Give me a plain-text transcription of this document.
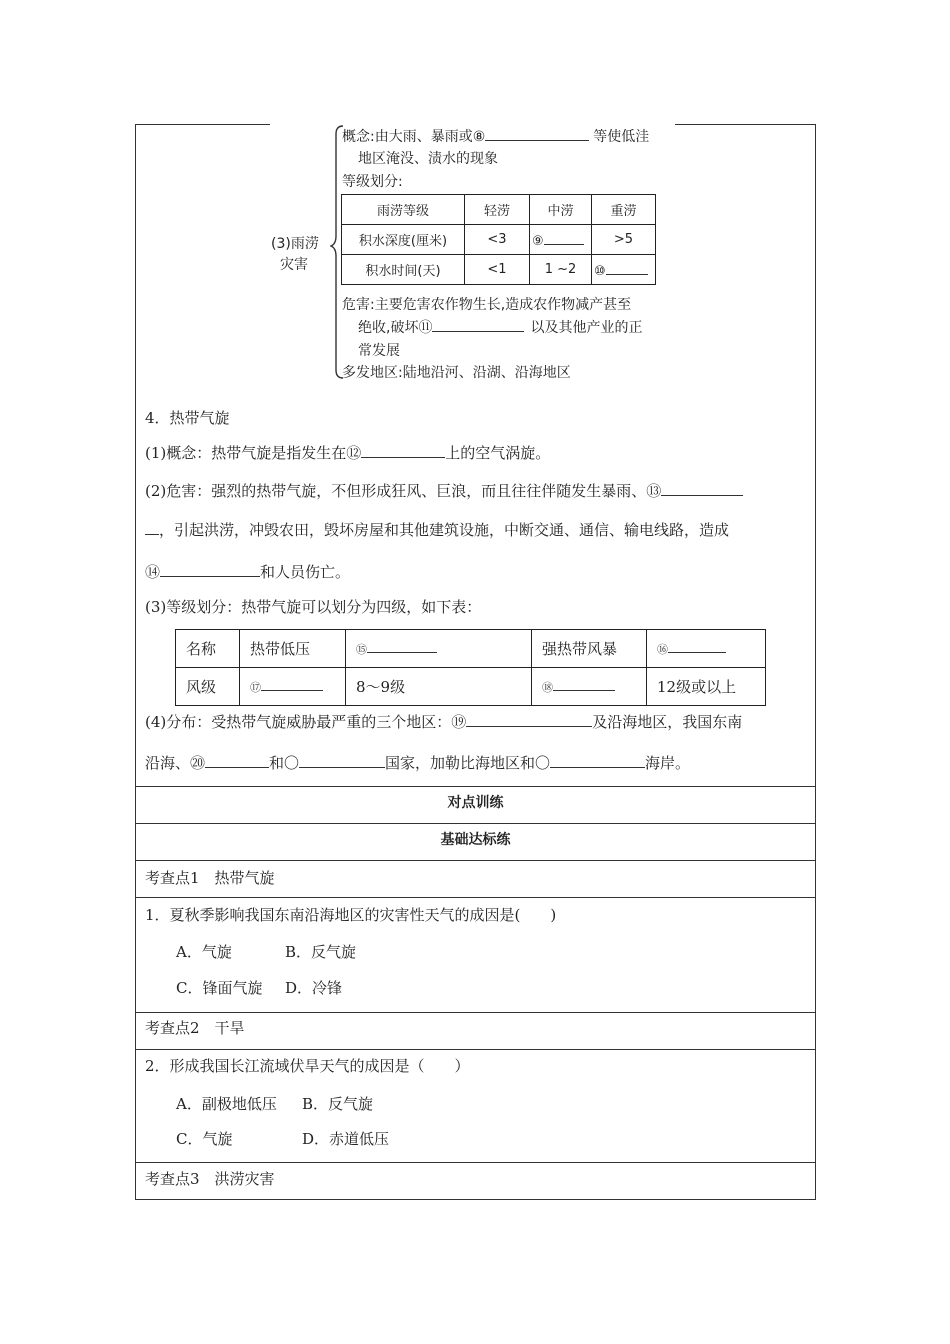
(3)雨涝
灾害
概念:由大雨、暴雨或⑧	等使低洼
地区淹没、渍水的现象
等级划分:
雨涝等级	轻涝	中涝	重涝
积水深度(厘米)	<3	⑨	>5
积水时间(天)	<1	1 ~2	⑩
危害:主要危害农作物生长,造成农作物减产甚至
绝收,破坏⑪	以及其他产业的正
常发展
多发地区:陆地沿河、沿湖、沿海地区
4．热带气旋
(1)概念：热带气旋是指发生在⑫	上的空气涡旋。
(2)危害：强烈的热带气旋，不但形成狂风、巨浪，而且往往伴随发生暴雨、⑬
，引起洪涝，冲毁农田，毁坏房屋和其他建筑设施，中断交通、通信、输电线路，造成
⑭	和人员伤亡。
(3)等级划分：热带气旋可以划分为四级，如下表：
名称	热带低压	⑮	强热带风暴	⑯
风级	⑰	8～9级	⑱	12级或以上
(4)分布：受热带气旋威胁最严重的三个地区：⑲	及沿海地区，我国东南
沿海、⑳	和〇	国家，加勒比海地区和〇	海岸。
对点训练
基础达标练
考查点1　热带气旋
1．夏秋季影响我国东南沿海地区的灾害性天气的成因是(　　)
A．气旋	B．反气旋
C．锋面气旋 D．冷锋
考查点2　干旱
2．形成我国长江流域伏旱天气的成因是（　　）
A．副极地低压 B．反气旋
C．气旋	D．赤道低压
考查点3　洪涝灾害
